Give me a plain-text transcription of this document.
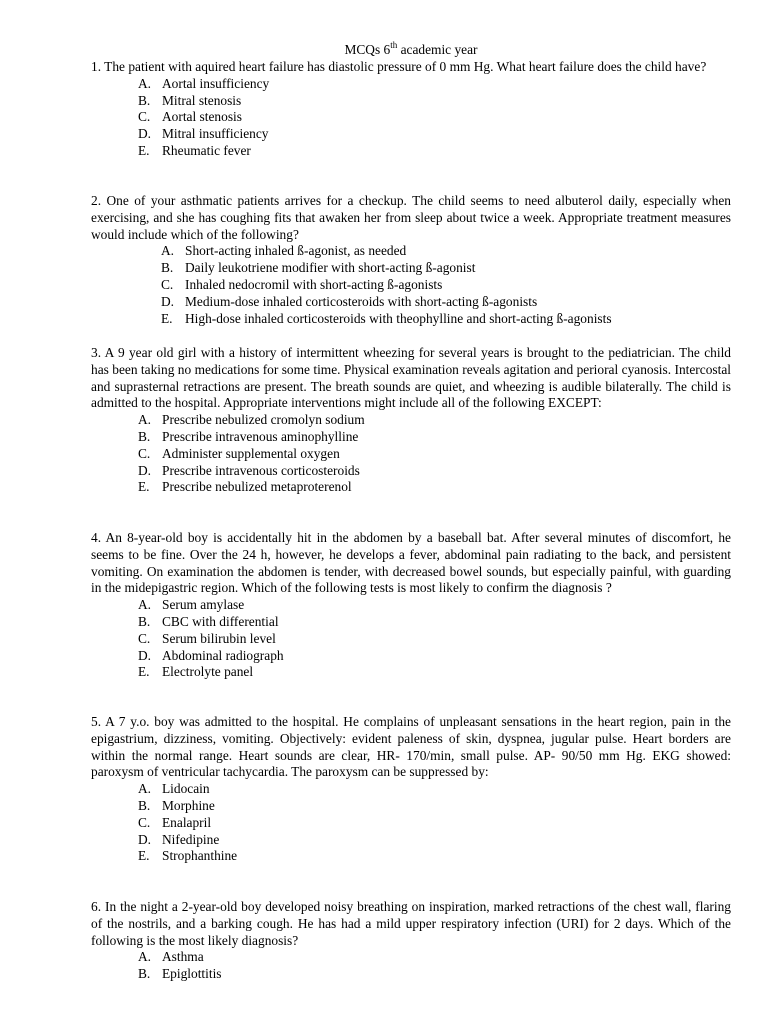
MCQs 6th academic year

1. The patient with aquired heart failure has diastolic pressure of 0 mm Hg. What heart failure does the child have?

A. Aortal insufficiency
B. Mitral stenosis
C. Aortal stenosis
D. Mitral insufficiency
E. Rheumatic fever

2. One of your asthmatic patients arrives for a checkup. The child seems to need albuterol daily, especially when exercising, and she has coughing fits that awaken her from sleep about twice a week. Appropriate treatment measures would include which of the following?

A. Short-acting inhaled ß-agonist, as needed
B. Daily leukotriene modifier with short-acting ß-agonist
C. Inhaled nedocromil with short-acting ß-agonists
D. Medium-dose inhaled corticosteroids with short-acting ß-agonists
E. High-dose inhaled corticosteroids with theophylline and short-acting ß-agonists

3. A 9 year old girl with a history of intermittent wheezing for several years is brought to the pediatrician. The child has been taking no medications for some time. Physical examination reveals agitation and perioral cyanosis. Intercostal and suprasternal retractions are present. The breath sounds are quiet, and wheezing is audible bilaterally. The child is admitted to the hospital. Appropriate interventions might include all of the following EXCEPT:

A. Prescribe nebulized cromolyn sodium
B. Prescribe intravenous aminophylline
C. Administer supplemental oxygen
D. Prescribe intravenous corticosteroids
E. Prescribe nebulized metaproterenol

4. An 8-year-old boy is accidentally hit in the abdomen by a baseball bat. After several minutes of discomfort, he seems to be fine. Over the 24 h, however, he develops a fever, abdominal pain radiating to the back, and persistent vomiting. On examination the abdomen is tender, with decreased bowel sounds, but especially painful, with guarding in the midepigastric region. Which of the following tests is most likely to confirm the diagnosis ?

A. Serum amylase
B. CBC with differential
C. Serum bilirubin level
D. Abdominal radiograph
E. Electrolyte panel

5. A 7 y.o. boy was admitted to the hospital. He complains of unpleasant sensations in the heart region, pain in the epigastrium, dizziness, vomiting. Objectively: evident paleness of skin, dyspnea, jugular pulse. Heart borders are within the normal range. Heart sounds are clear, HR- 170/min, small pulse. AP- 90/50 mm Hg. EKG showed: paroxysm of ventricular tachycardia. The paroxysm can be suppressed by:

A. Lidocain
B. Morphine
C. Enalapril
D. Nifedipine
E. Strophanthine

6. In the night a 2-year-old boy developed noisy breathing on inspiration, marked retractions of the chest wall, flaring of the nostrils, and a barking cough. He has had a mild upper respiratory infection (URI) for 2 days. Which of the following is the most likely diagnosis?

A. Asthma
B. Epiglottitis
